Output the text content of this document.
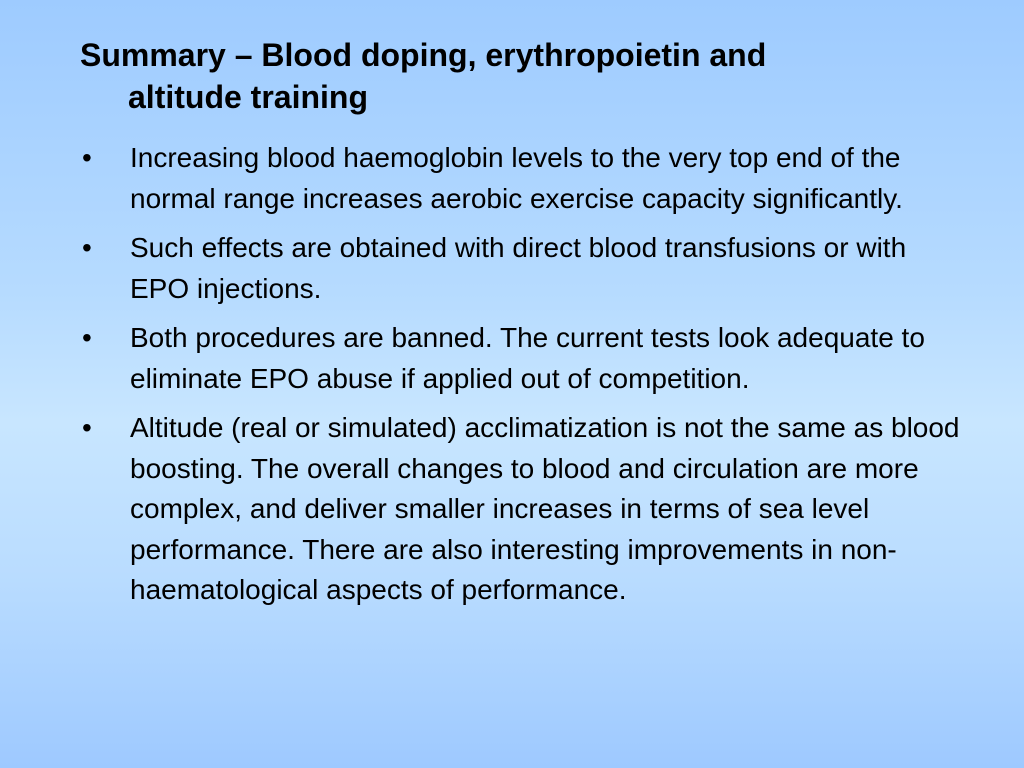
Summary – Blood doping, erythropoietin and
altitude training
•	Increasing blood haemoglobin levels to the very top end of the normal range increases aerobic exercise capacity significantly.
•	Such effects are obtained with direct blood transfusions or with EPO injections.
•	Both procedures are banned. The current tests look adequate to eliminate EPO abuse if applied out of competition.
•	Altitude (real or simulated) acclimatization is not the same as blood boosting. The overall changes to blood and circulation are more complex, and deliver smaller increases in terms of sea level performance. There are also interesting improvements in non-haematological aspects of performance.
